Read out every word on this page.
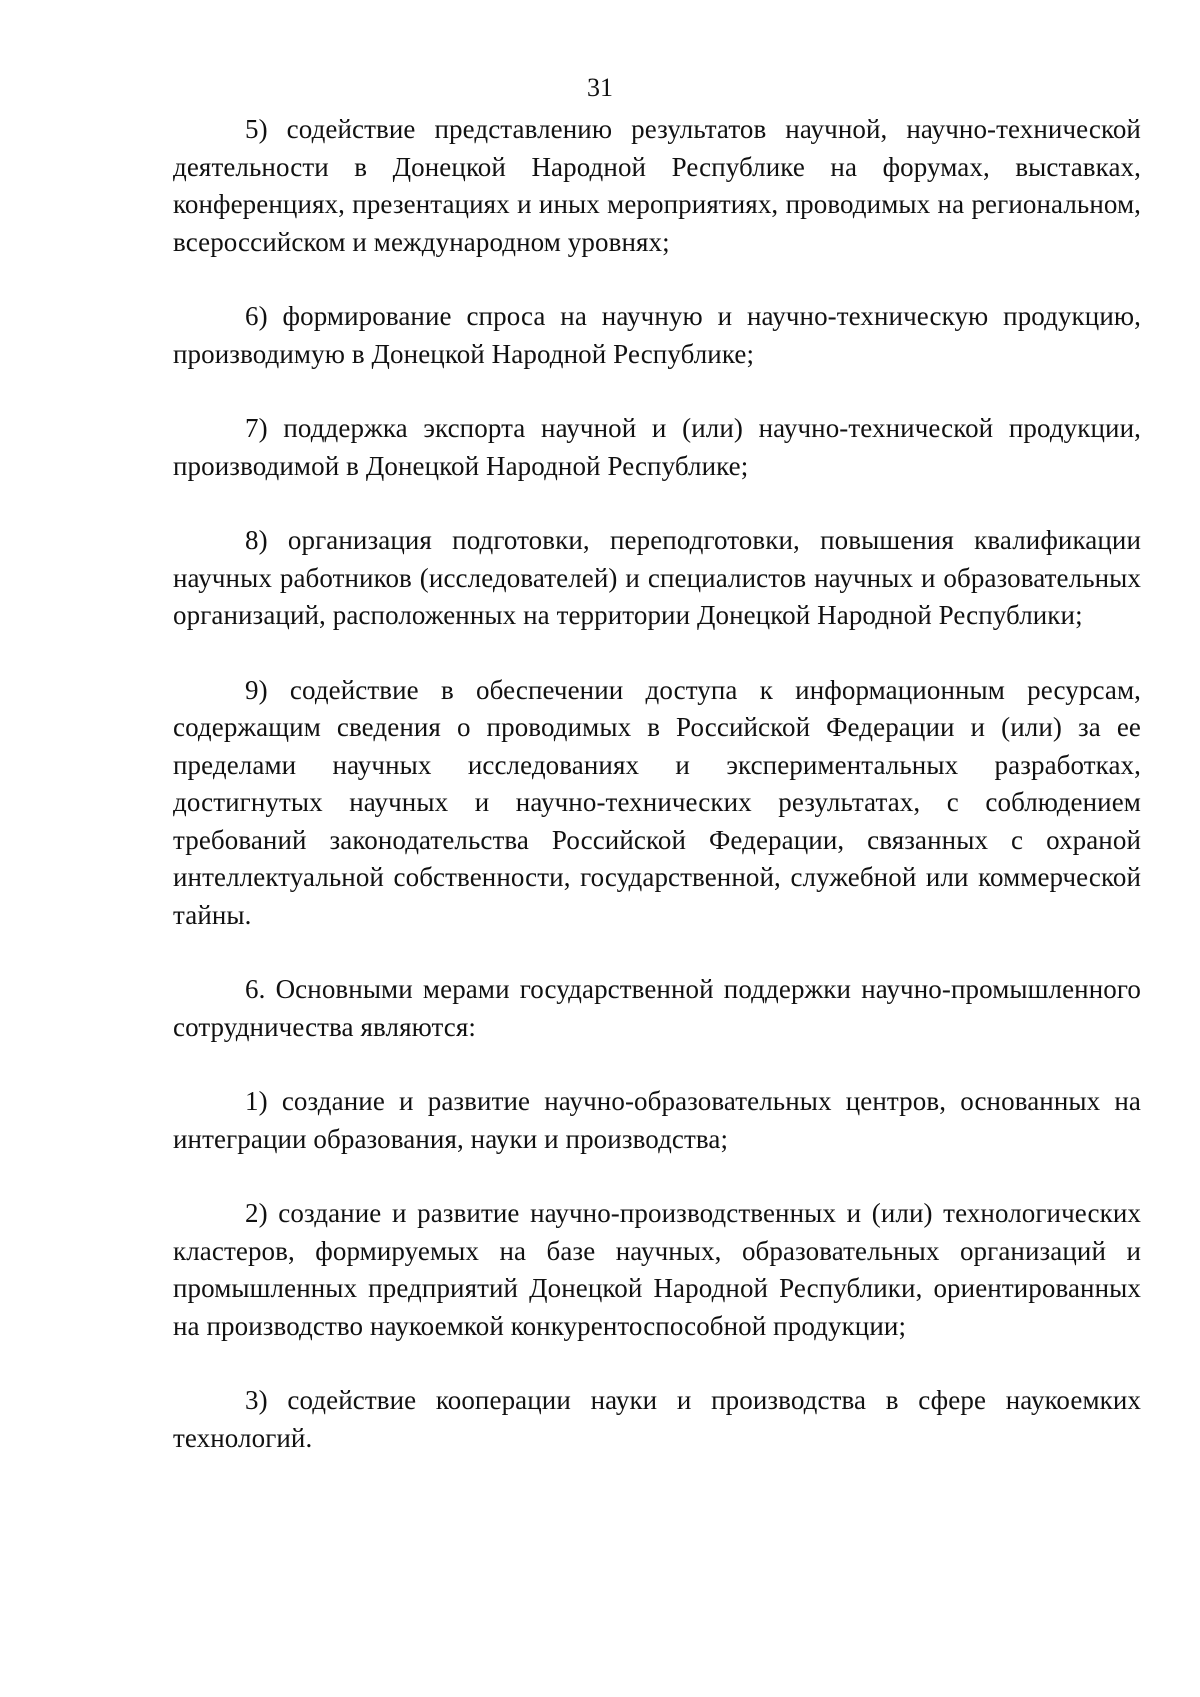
31

5) содействие представлению результатов научной, научно-технической деятельности в Донецкой Народной Республике на форумах, выставках, конференциях, презентациях и иных мероприятиях, проводимых на региональном, всероссийском и международном уровнях;

6) формирование спроса на научную и научно-техническую продукцию, производимую в Донецкой Народной Республике;

7) поддержка экспорта научной и (или) научно-технической продукции, производимой в Донецкой Народной Республике;

8) организация подготовки, переподготовки, повышения квалификации научных работников (исследователей) и специалистов научных и образовательных организаций, расположенных на территории Донецкой Народной Республики;

9) содействие в обеспечении доступа к информационным ресурсам, содержащим сведения о проводимых в Российской Федерации и (или) за ее пределами научных исследованиях и экспериментальных разработках, достигнутых научных и научно-технических результатах, с соблюдением требований законодательства Российской Федерации, связанных с охраной интеллектуальной собственности, государственной, служебной или коммерческой тайны.

6. Основными мерами государственной поддержки научно-промышленного сотрудничества являются:

1) создание и развитие научно-образовательных центров, основанных на интеграции образования, науки и производства;

2) создание и развитие научно-производственных и (или) технологических кластеров, формируемых на базе научных, образовательных организаций и промышленных предприятий Донецкой Народной Республики, ориентированных на производство наукоемкой конкурентоспособной продукции;

3) содействие кооперации науки и производства в сфере наукоемких технологий.
